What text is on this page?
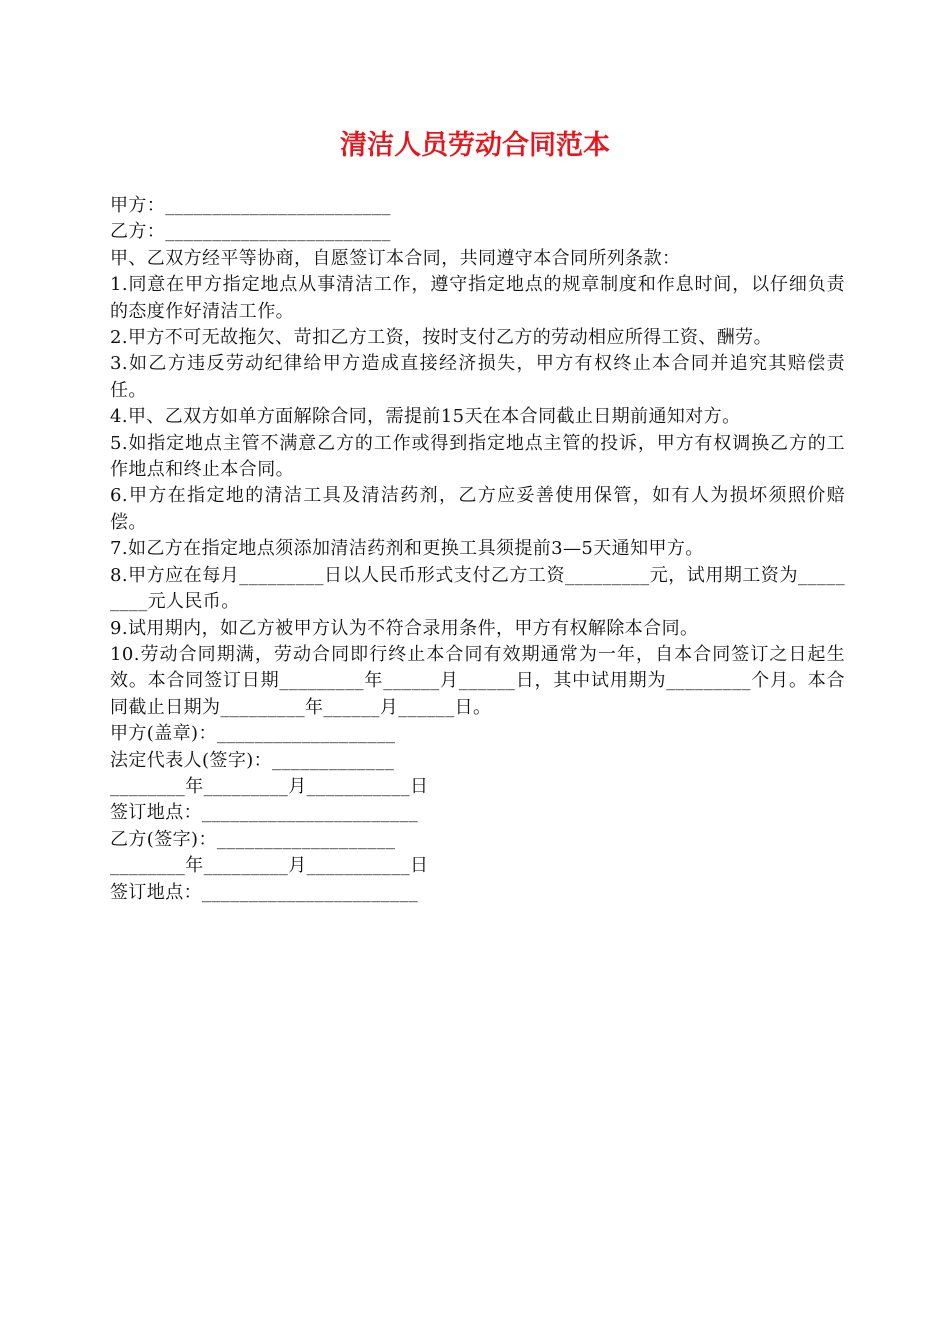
清洁人员劳动合同范本

甲方：________________________

乙方：________________________

甲、乙双方经平等协商，自愿签订本合同，共同遵守本合同所列条款：

1.同意在甲方指定地点从事清洁工作，遵守指定地点的规章制度和作息时间，以仔细负责的态度作好清洁工作。

2.甲方不可无故拖欠、苛扣乙方工资，按时支付乙方的劳动相应所得工资、酬劳。

3.如乙方违反劳动纪律给甲方造成直接经济损失，甲方有权终止本合同并追究其赔偿责任。

4.甲、乙双方如单方面解除合同，需提前15天在本合同截止日期前通知对方。

5.如指定地点主管不满意乙方的工作或得到指定地点主管的投诉，甲方有权调换乙方的工作地点和终止本合同。

6.甲方在指定地的清洁工具及清洁药剂，乙方应妥善使用保管，如有人为损坏须照价赔偿。

7.如乙方在指定地点须添加清洁药剂和更换工具须提前3—5天通知甲方。

8.甲方应在每月_________日以人民币形式支付乙方工资_________元，试用期工资为_________元人民币。

9.试用期内，如乙方被甲方认为不符合录用条件，甲方有权解除本合同。

10.劳动合同期满，劳动合同即行终止本合同有效期通常为一年，自本合同签订之日起生效。本合同签订日期_________年______月______日，其中试用期为_________个月。本合同截止日期为_________年______月______日。

甲方(盖章)：___________________

法定代表人(签字)：_____________

________年_________月___________日

签订地点：_______________________

乙方(签字)：___________________

________年_________月___________日

签订地点：_______________________
